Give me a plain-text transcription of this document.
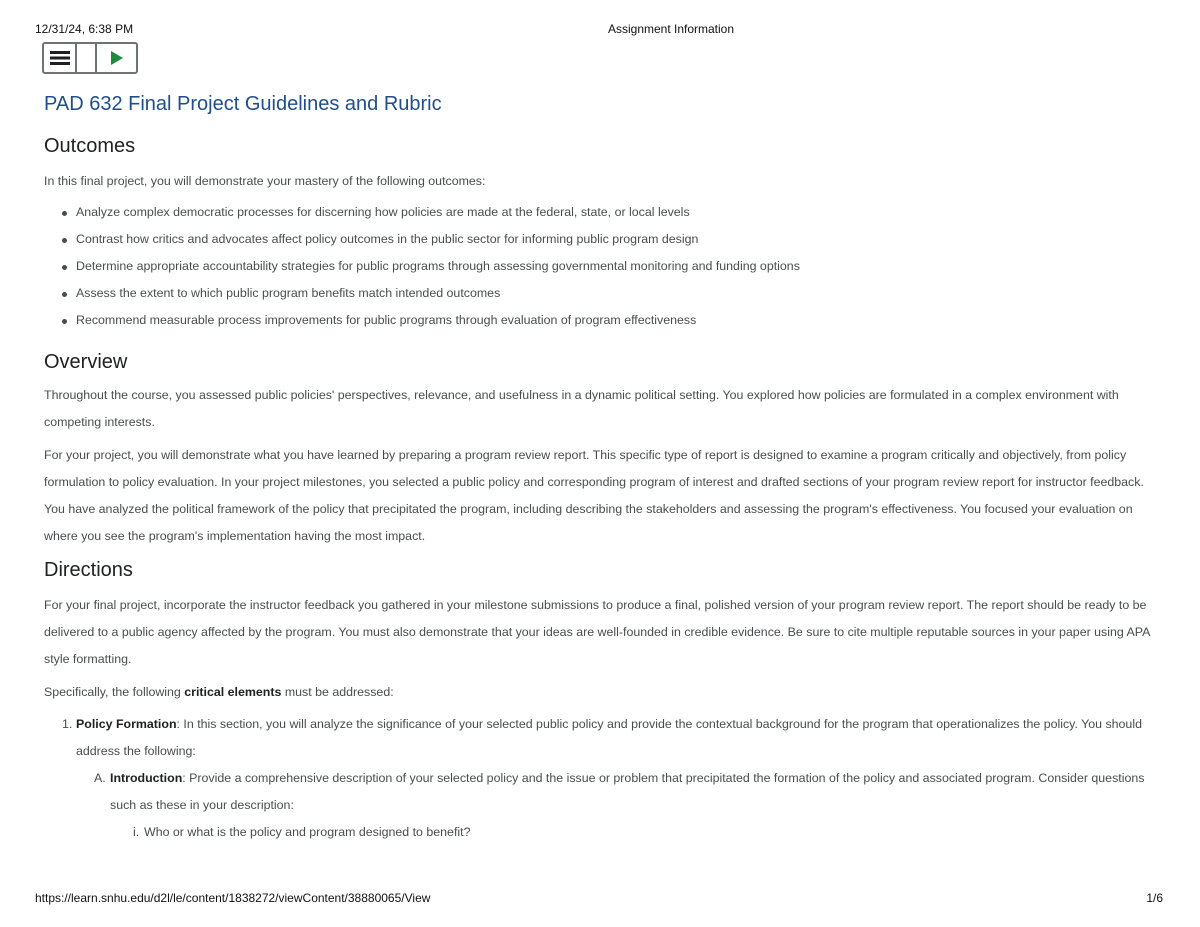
12/31/24, 6:38 PM	Assignment Information
PAD 632 Final Project Guidelines and Rubric
Outcomes

In this final project, you will demonstrate your mastery of the following outcomes:

Analyze complex democratic processes for discerning how policies are made at the federal, state, or local levels
Contrast how critics and advocates affect policy outcomes in the public sector for informing public program design
Determine appropriate accountability strategies for public programs through assessing governmental monitoring and funding options
Assess the extent to which public program benefits match intended outcomes
Recommend measurable process improvements for public programs through evaluation of program effectiveness
Overview

Throughout the course, you assessed public policies' perspectives, relevance, and usefulness in a dynamic political setting. You explored how policies are formulated in a complex environment with competing interests.

For your project, you will demonstrate what you have learned by preparing a program review report. This specific type of report is designed to examine a program critically and objectively, from policy formulation to policy evaluation. In your project milestones, you selected a public policy and corresponding program of interest and drafted sections of your program review report for instructor feedback. You have analyzed the political framework of the policy that precipitated the program, including describing the stakeholders and assessing the program's effectiveness. You focused your evaluation on where you see the program's implementation having the most impact.

Directions

For your final project, incorporate the instructor feedback you gathered in your milestone submissions to produce a final, polished version of your program review report. The report should be ready to be delivered to a public agency affected by the program. You must also demonstrate that your ideas are well-founded in credible evidence. Be sure to cite multiple reputable sources in your paper using APA style formatting.

Specifically, the following critical elements must be addressed:

1. Policy Formation: In this section, you will analyze the significance of your selected public policy and provide the contextual background for the program that operationalizes the policy. You should address the following:
A. Introduction: Provide a comprehensive description of your selected policy and the issue or problem that precipitated the formation of the policy and associated program. Consider questions such as these in your description:
i. Who or what is the policy and program designed to benefit?
https://learn.snhu.edu/d2l/le/content/1838272/viewContent/38880065/View	1/6
